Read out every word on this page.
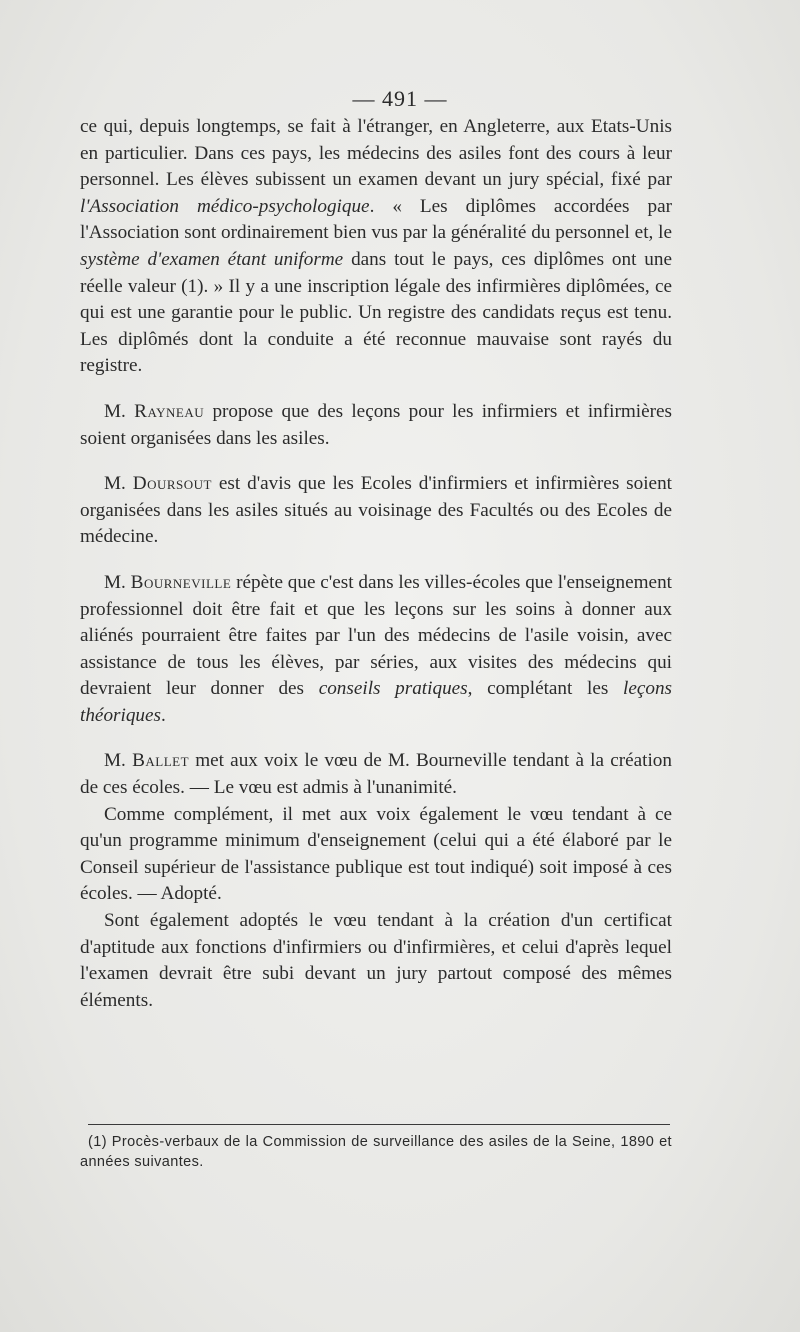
— 491 —

ce qui, depuis longtemps, se fait à l'étranger, en Angleterre, aux Etats-Unis en particulier. Dans ces pays, les médecins des asiles font des cours à leur personnel. Les élèves subissent un examen devant un jury spécial, fixé par l'Association médico-psychologique. « Les diplômes accordées par l'Association sont ordinairement bien vus par la généralité du personnel et, le système d'examen étant uniforme dans tout le pays, ces diplômes ont une réelle valeur (1). » Il y a une inscription légale des infirmières diplômées, ce qui est une garantie pour le public. Un registre des candidats reçus est tenu. Les diplômés dont la conduite a été reconnue mauvaise sont rayés du registre.

M. Rayneau propose que des leçons pour les infirmiers et infirmières soient organisées dans les asiles.

M. Doursout est d'avis que les Ecoles d'infirmiers et infirmières soient organisées dans les asiles situés au voisinage des Facultés ou des Ecoles de médecine.

M. Bourneville répète que c'est dans les villes-écoles que l'enseignement professionnel doit être fait et que les leçons sur les soins à donner aux aliénés pourraient être faites par l'un des médecins de l'asile voisin, avec assistance de tous les élèves, par séries, aux visites des médecins qui devraient leur donner des conseils pratiques, complétant les leçons théoriques.

M. Ballet met aux voix le vœu de M. Bourneville tendant à la création de ces écoles. — Le vœu est admis à l'unanimité.

Comme complément, il met aux voix également le vœu tendant à ce qu'un programme minimum d'enseignement (celui qui a été élaboré par le Conseil supérieur de l'assistance publique est tout indiqué) soit imposé à ces écoles. — Adopté.

Sont également adoptés le vœu tendant à la création d'un certificat d'aptitude aux fonctions d'infirmiers ou d'infirmières, et celui d'après lequel l'examen devrait être subi devant un jury partout composé des mêmes éléments.

(1) Procès-verbaux de la Commission de surveillance des asiles de la Seine, 1890 et années suivantes.
